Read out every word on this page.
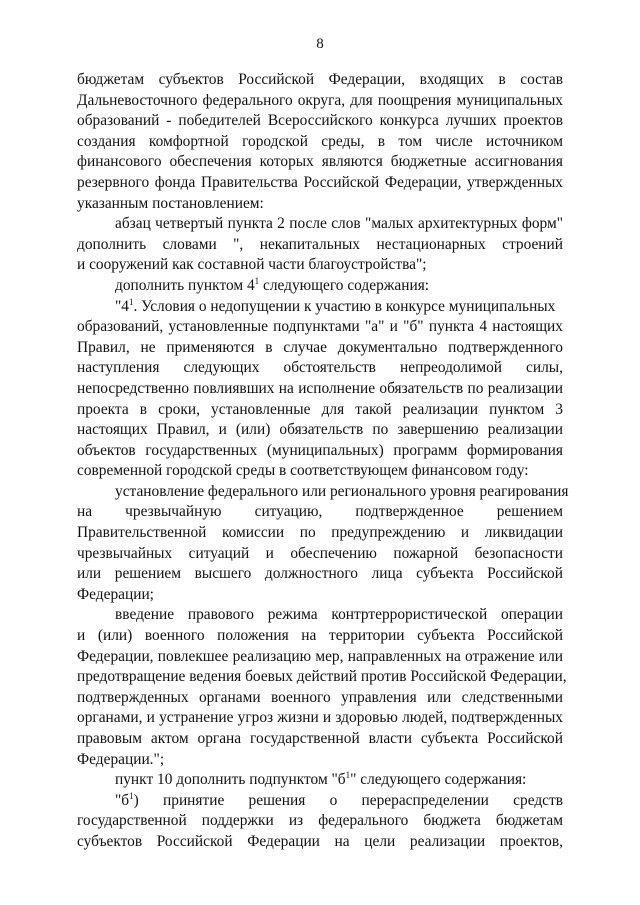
8
бюджетам субъектов Российской Федерации, входящих в состав
Дальневосточного федерального округа, для поощрения муниципальных
образований - победителей Всероссийского конкурса лучших проектов
создания комфортной городской среды, в том числе источником
финансового обеспечения которых являются бюджетные ассигнования
резервного фонда Правительства Российской Федерации, утвержденных
указанным постановлением:
абзац четвертый пункта 2 после слов "малых архитектурных форм"
дополнить словами ", некапитальных нестационарных строений
и сооружений как составной части благоустройства";
дополнить пунктом $4^1$ следующего содержания:
"$4^1$. Условия о недопущении к участию в конкурсе муниципальных
образований, установленные подпунктами "а" и "б" пункта 4 настоящих
Правил, не применяются в случае документально подтвержденного
наступления следующих обстоятельств непреодолимой силы,
непосредственно повлиявших на исполнение обязательств по реализации
проекта в сроки, установленные для такой реализации пунктом 3
настоящих Правил, и (или) обязательств по завершению реализации
объектов государственных (муниципальных) программ формирования
современной городской среды в соответствующем финансовом году:
установление федерального или регионального уровня реагирования
на чрезвычайную ситуацию, подтвержденное решением
Правительственной комиссии по предупреждению и ликвидации
чрезвычайных ситуаций и обеспечению пожарной безопасности
или решением высшего должностного лица субъекта Российской
Федерации;
введение правового режима контртеррористической операции
и (или) военного положения на территории субъекта Российской
Федерации, повлекшее реализацию мер, направленных на отражение или
предотвращение ведения боевых действий против Российской Федерации,
подтвержденных органами военного управления или следственными
органами, и устранение угроз жизни и здоровью людей, подтвержденных
правовым актом органа государственной власти субъекта Российской
Федерации.";
пункт 10 дополнить подпунктом "$б^1$" следующего содержания:
"$б^1$) принятие решения о перераспределении средств
государственной поддержки из федерального бюджета бюджетам
субъектов Российской Федерации на цели реализации проектов,
